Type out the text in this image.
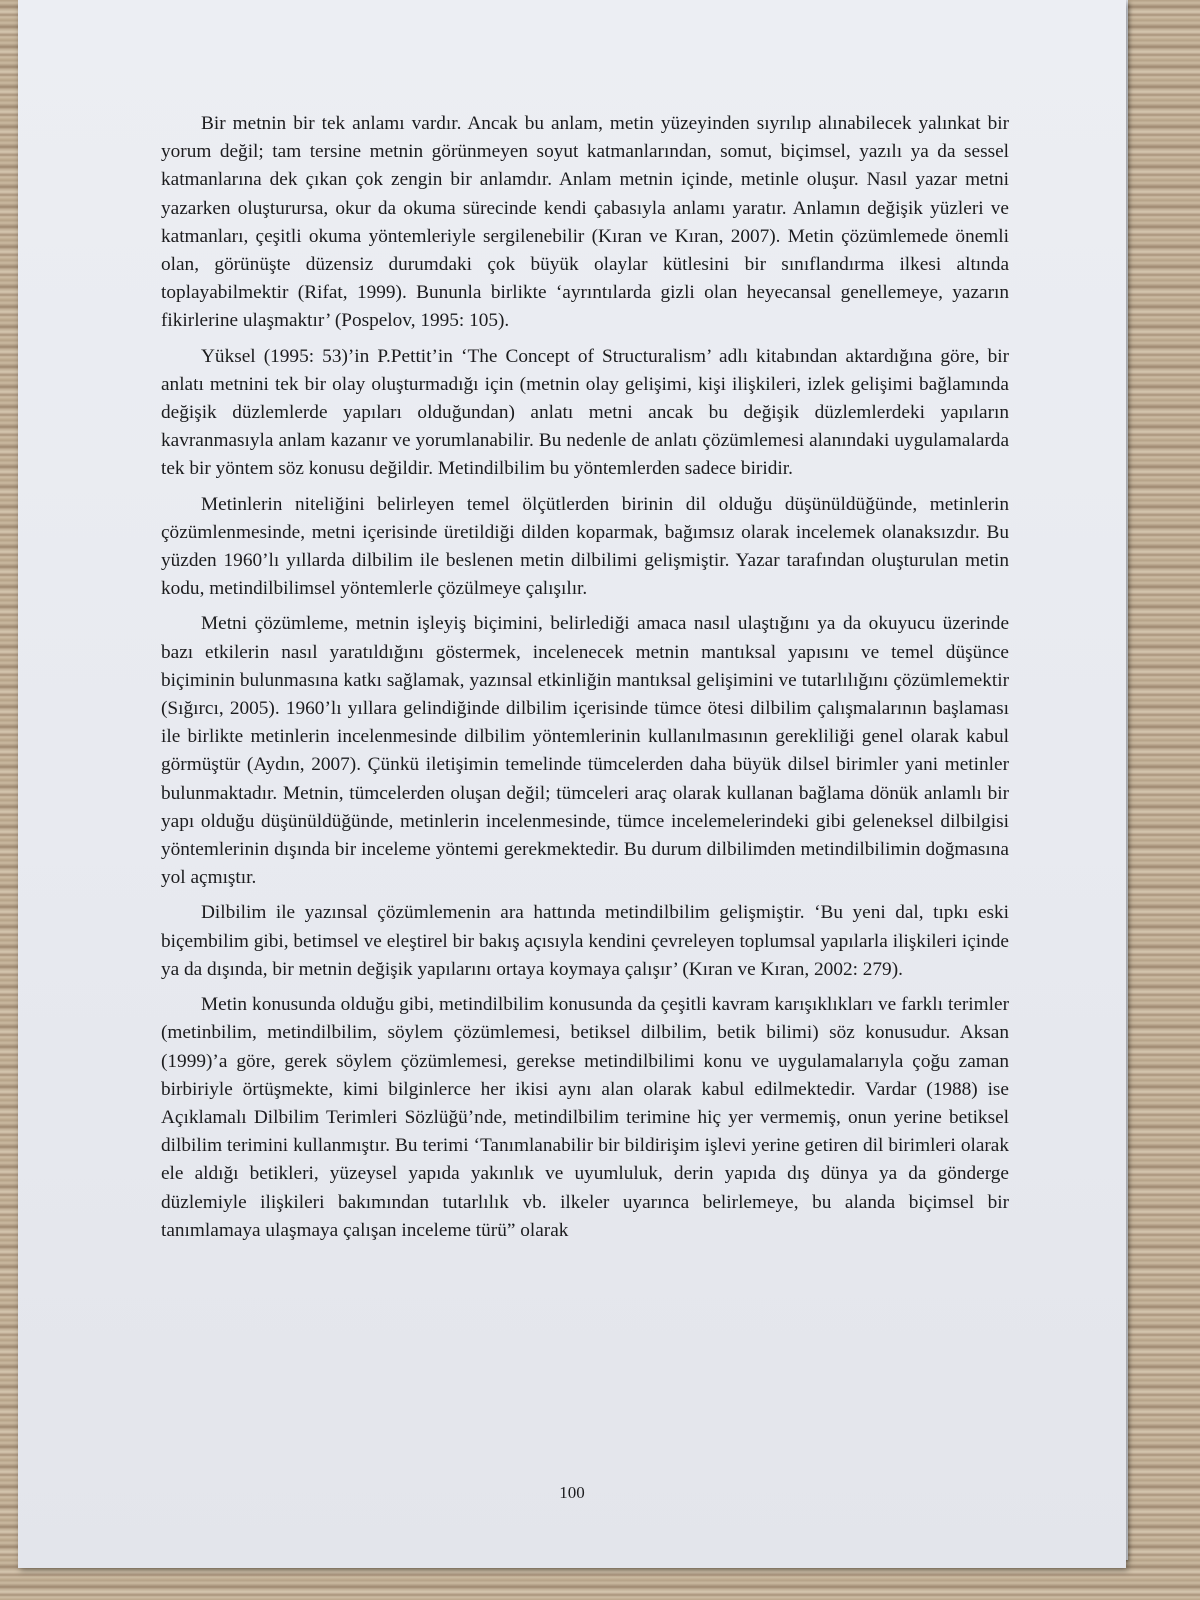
Bir metnin bir tek anlamı vardır. Ancak bu anlam, metin yüzeyinden sıyrılıp alınabilecek yalınkat bir yorum değil; tam tersine metnin görünmeyen soyut katmanlarından, somut, biçimsel, yazılı ya da sessel katmanlarına dek çıkan çok zengin bir anlamdır. Anlam metnin içinde, metinle oluşur. Nasıl yazar metni yazarken oluşturursa, okur da okuma sürecinde kendi çabasıyla anlamı yaratır. Anlamın değişik yüzleri ve katmanları, çeşitli okuma yöntemleriyle sergilenebilir (Kıran ve Kıran, 2007). Metin çözümlemede önemli olan, görünüşte düzensiz durumdaki çok büyük olaylar kütlesini bir sınıflandırma ilkesi altında toplayabilmektir (Rifat, 1999). Bununla birlikte ‘ayrıntılarda gizli olan heyecansal genellemeye, yazarın fikirlerine ulaşmaktır’ (Pospelov, 1995: 105).

Yüksel (1995: 53)’in P.Pettit’in ‘The Concept of Structuralism’ adlı kitabından aktardığına göre, bir anlatı metnini tek bir olay oluşturmadığı için (metnin olay gelişimi, kişi ilişkileri, izlek gelişimi bağlamında değişik düzlemlerde yapıları olduğundan) anlatı metni ancak bu değişik düzlemlerdeki yapıların kavranmasıyla anlam kazanır ve yorumlanabilir. Bu nedenle de anlatı çözümlemesi alanındaki uygulamalarda tek bir yöntem söz konusu değildir. Metindilbilim bu yöntemlerden sadece biridir.

Metinlerin niteliğini belirleyen temel ölçütlerden birinin dil olduğu düşünüldüğünde, metinlerin çözümlenmesinde, metni içerisinde üretildiği dilden koparmak, bağımsız olarak incelemek olanaksızdır. Bu yüzden 1960’lı yıllarda dilbilim ile beslenen metin dilbilimi gelişmiştir. Yazar tarafından oluşturulan metin kodu, metindilbilimsel yöntemlerle çözülmeye çalışılır.

Metni çözümleme, metnin işleyiş biçimini, belirlediği amaca nasıl ulaştığını ya da okuyucu üzerinde bazı etkilerin nasıl yaratıldığını göstermek, incelenecek metnin mantıksal yapısını ve temel düşünce biçiminin bulunmasına katkı sağlamak, yazınsal etkinliğin mantıksal gelişimini ve tutarlılığını çözümlemektir (Sığırcı, 2005). 1960’lı yıllara gelindiğinde dilbilim içerisinde tümce ötesi dilbilim çalışmalarının başlaması ile birlikte metinlerin incelenmesinde dilbilim yöntemlerinin kullanılmasının gerekliliği genel olarak kabul görmüştür (Aydın, 2007). Çünkü iletişimin temelinde tümcelerden daha büyük dilsel birimler yani metinler bulunmaktadır. Metnin, tümcelerden oluşan değil; tümceleri araç olarak kullanan bağlama dönük anlamlı bir yapı olduğu düşünüldüğünde, metinlerin incelenmesinde, tümce incelemelerindeki gibi geleneksel dilbilgisi yöntemlerinin dışında bir inceleme yöntemi gerekmektedir. Bu durum dilbilimden metindilbilimin doğmasına yol açmıştır.

Dilbilim ile yazınsal çözümlemenin ara hattında metindilbilim gelişmiştir. ‘Bu yeni dal, tıpkı eski biçembilim gibi, betimsel ve eleştirel bir bakış açısıyla kendini çevreleyen toplumsal yapılarla ilişkileri içinde ya da dışında, bir metnin değişik yapılarını ortaya koymaya çalışır’ (Kıran ve Kıran, 2002: 279).

Metin konusunda olduğu gibi, metindilbilim konusunda da çeşitli kavram karışıklıkları ve farklı terimler (metinbilim, metindilbilim, söylem çözümlemesi, betiksel dilbilim, betik bilimi) söz konusudur. Aksan (1999)’a göre, gerek söylem çözümlemesi, gerekse metindilbilimi konu ve uygulamalarıyla çoğu zaman birbiriyle örtüşmekte, kimi bilginlerce her ikisi aynı alan olarak kabul edilmektedir. Vardar (1988) ise Açıklamalı Dilbilim Terimleri Sözlüğü’nde, metindilbilim terimine hiç yer vermemiş, onun yerine betiksel dilbilim terimini kullanmıştır. Bu terimi ‘Tanımlanabilir bir bildirişim işlevi yerine getiren dil birimleri olarak ele aldığı betikleri, yüzeysel yapıda yakınlık ve uyumluluk, derin yapıda dış dünya ya da gönderge düzlemiyle ilişkileri bakımından tutarlılık vb. ilkeler uyarınca belirlemeye, bu alanda biçimsel bir tanımlamaya ulaşmaya çalışan inceleme türü” olarak

100
